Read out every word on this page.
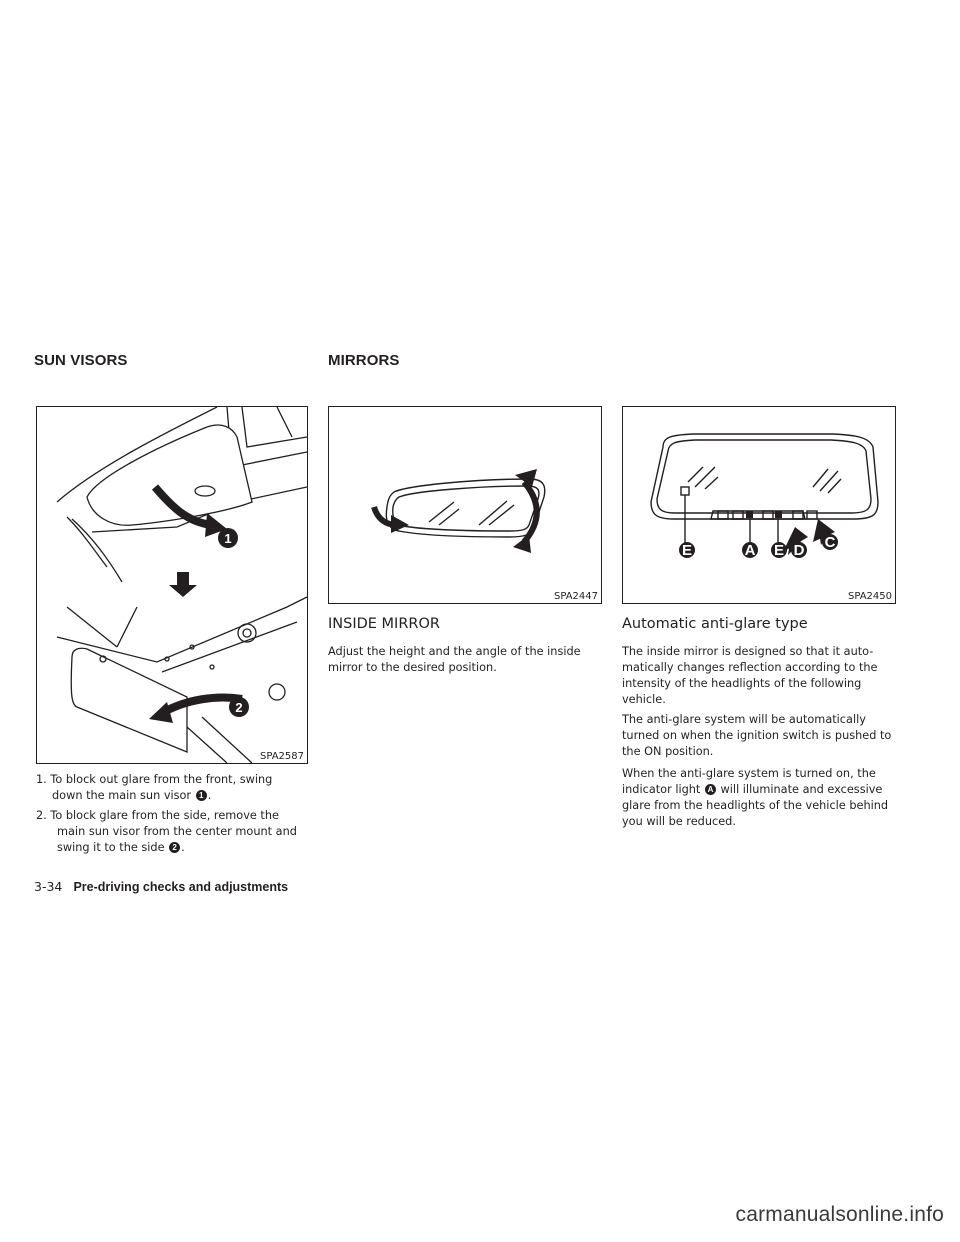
SUN VISORS	MIRRORS
1
2
SPA2587
SPA2447
E	A E D C
SPA2450
1. To block out glare from the front, swing
down the main sun visor 1 .
2. To block glare from the side, remove the
main sun visor from the center mount and
swing it to the side 2 .
INSIDE MIRROR
Adjust the height and the angle of the inside
mirror to the desired position.
Automatic anti-glare type
The inside mirror is designed so that it auto-
matically changes reflection according to the
intensity of the headlights of the following
vehicle.
The anti-glare system will be automatically
turned on when the ignition switch is pushed to
the ON position.
When the anti-glare system is turned on, the
indicator light A will illuminate and excessive
glare from the headlights of the vehicle behind
you will be reduced.
3-34 Pre-driving checks and adjustments
carmanualsonline.info
